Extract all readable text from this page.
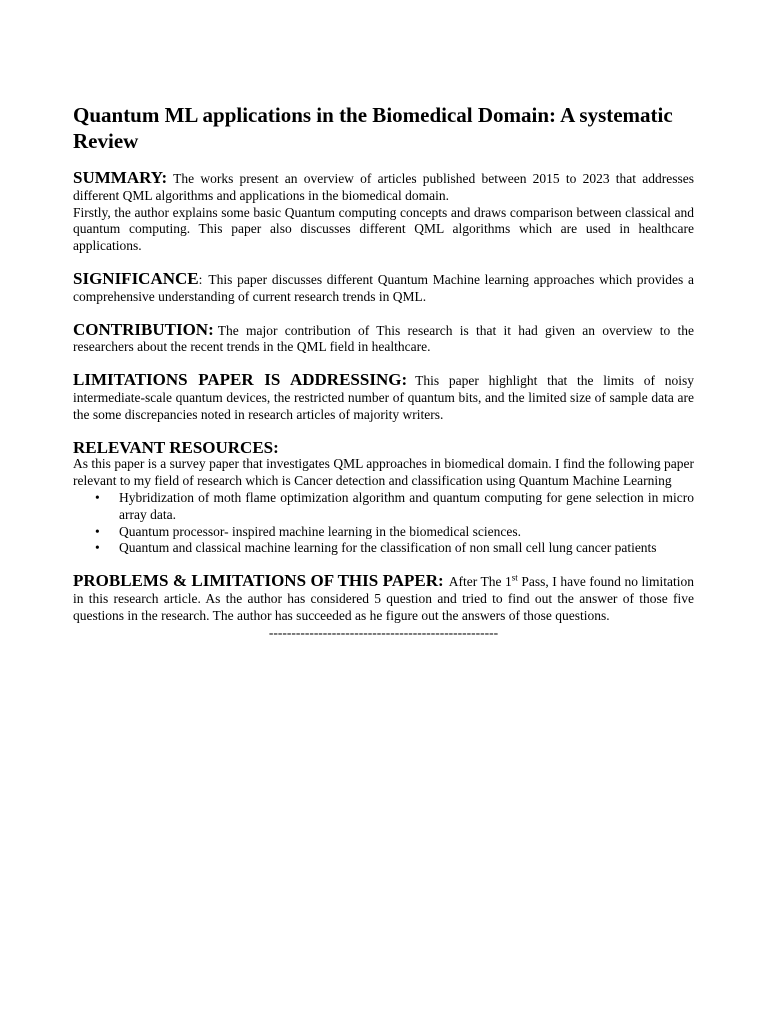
Quantum ML applications in the Biomedical Domain: A systematic Review
SUMMARY: The works present an overview of articles published between 2015 to 2023 that addresses different QML algorithms and applications in the biomedical domain.
Firstly, the author explains some basic Quantum computing concepts and draws comparison between classical and quantum computing. This paper also discusses different QML algorithms which are used in healthcare applications.
SIGNIFICANCE: This paper discusses different Quantum Machine learning approaches which provides a comprehensive understanding of current research trends in QML.
CONTRIBUTION: The major contribution of This research is that it had given an overview to the researchers about the recent trends in the QML field in healthcare.
LIMITATIONS PAPER IS ADDRESSING: This paper highlight that the limits of noisy intermediate-scale quantum devices, the restricted number of quantum bits, and the limited size of sample data are the some discrepancies noted in research articles of majority writers.
RELEVANT RESOURCES:
As this paper is a survey paper that investigates QML approaches in biomedical domain. I find the following paper relevant to my field of research which is Cancer detection and classification using Quantum Machine Learning
• Hybridization of moth flame optimization algorithm and quantum computing for gene selection in micro array data.
• Quantum processor- inspired machine learning in the biomedical sciences.
• Quantum and classical machine learning for the classification of non small cell lung cancer patients
PROBLEMS & LIMITATIONS OF THIS PAPER: After The 1st Pass, I have found no limitation in this research article. As the author has considered 5 question and tried to find out the answer of those five questions in the research. The author has succeeded as he figure out the answers of those questions.
---------------------------------------------------
